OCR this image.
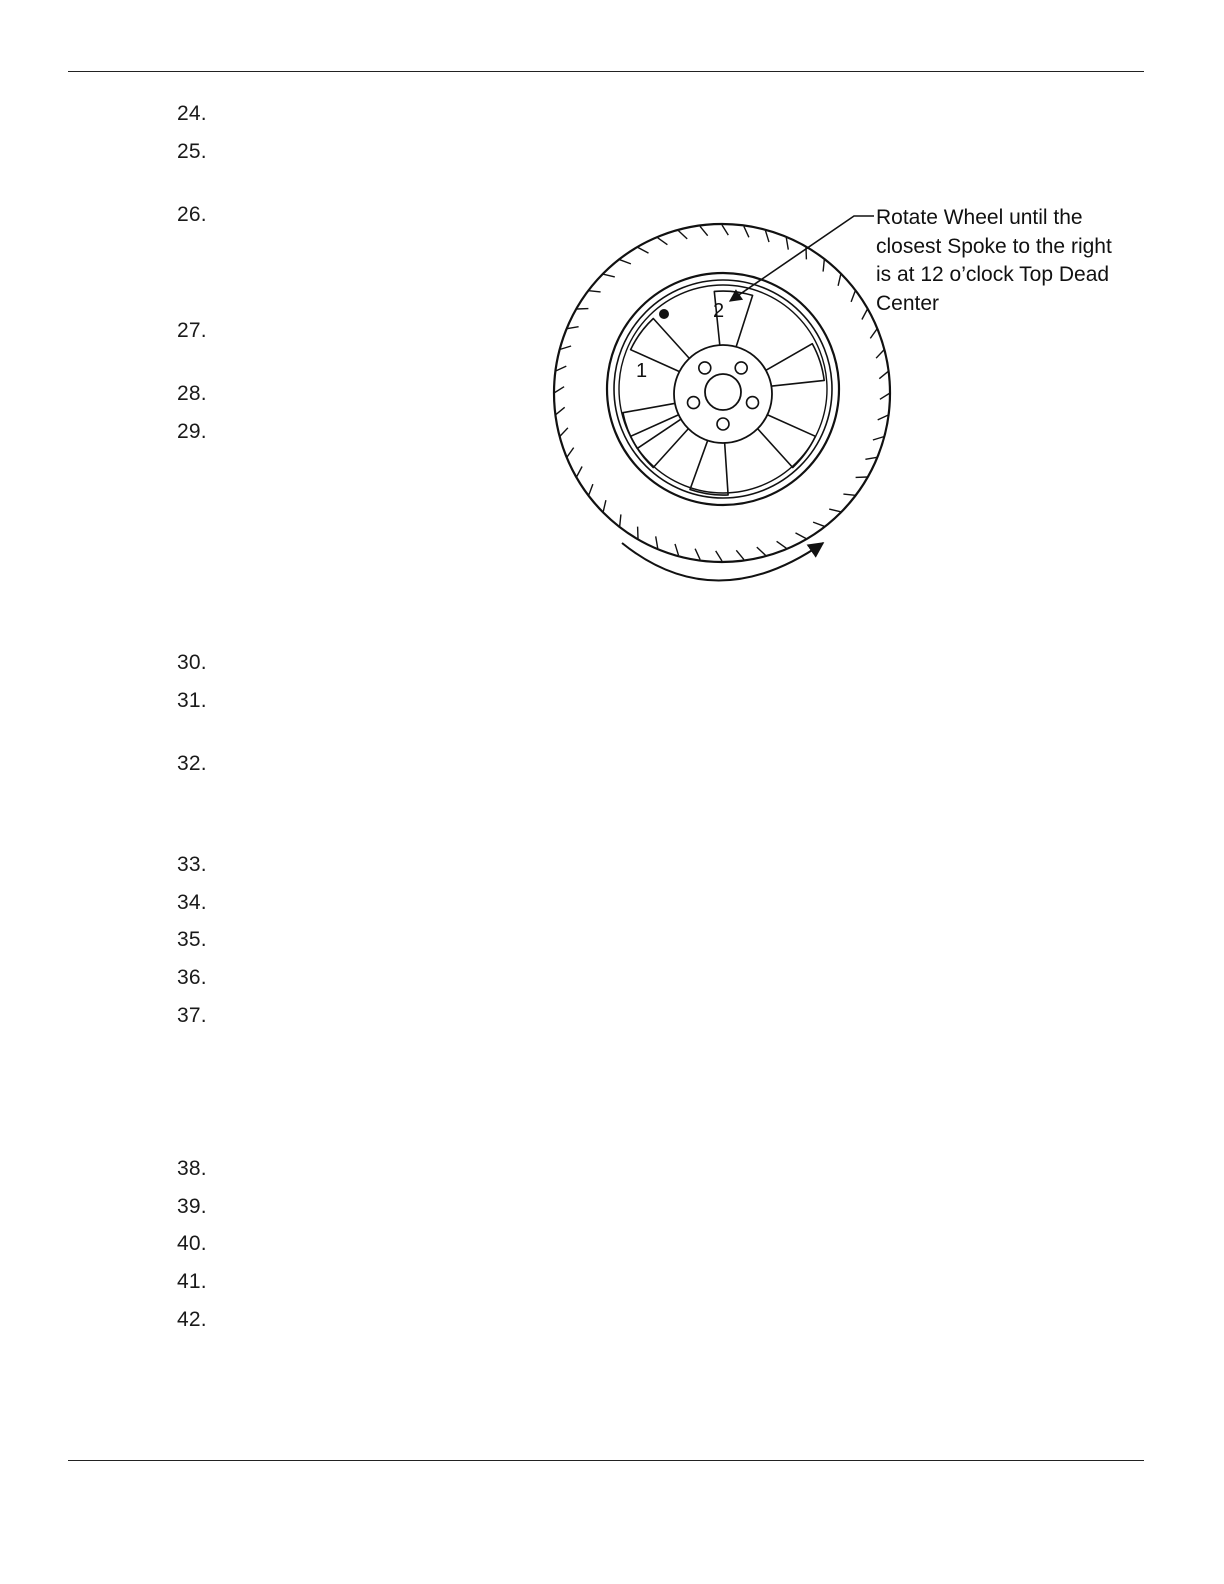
24.
25.
26.
27.
28.
29.
30.
31.
32.
33.
34.
35.
36.
37.
38.
39.
40.
41.
42.
2
1
Rotate Wheel until the
closest Spoke to the right
is at 12 o’clock Top Dead
Center
